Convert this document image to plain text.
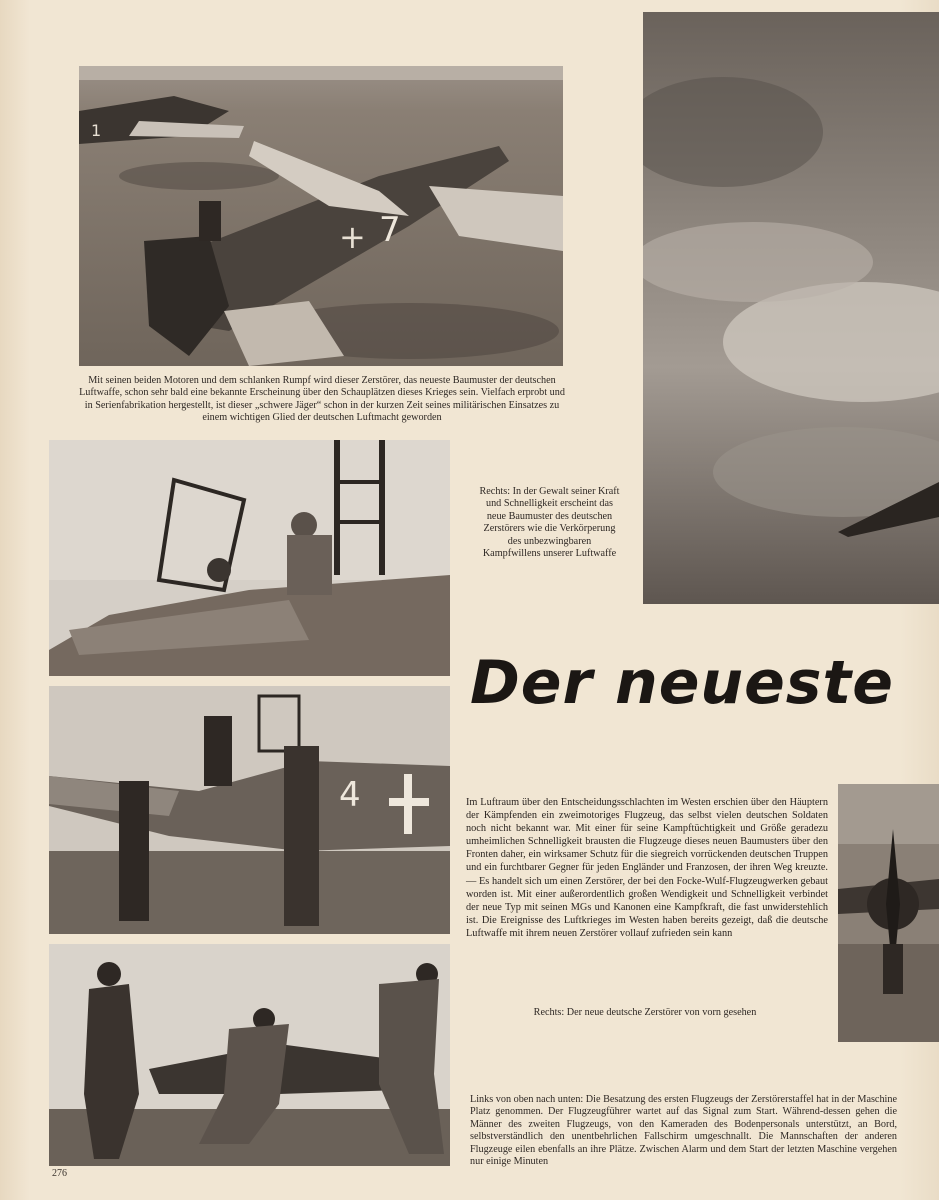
1
+ 7
Mit seinen beiden Motoren und dem schlanken Rumpf wird dieser Zerstörer, das neueste Baumuster der deutschen Luftwaffe, schon sehr bald eine bekannte Erscheinung über den Schauplätzen dieses Krieges sein. Vielfach erprobt und in Serienfabrikation hergestellt, ist dieser „schwere Jäger“ schon in der kurzen Zeit seines militärischen Einsatzes zu einem wichtigen Glied der deutschen Luftmacht geworden
Rechts: In der Gewalt seiner Kraft und Schnelligkeit erscheint das neue Baumuster des deutschen Zerstörers wie die Verkörperung des unbezwingbaren Kampfwillens unserer Luftwaffe
Der neueste
4	Im Luftraum über den Entscheidungsschlachten im Westen erschien über den Häuptern der Kämpfenden ein zweimotoriges Flugzeug, das selbst vielen deutschen Soldaten noch nicht bekannt war. Mit einer für seine Kampftüchtigkeit und Größe geradezu umheimlichen Schnelligkeit brausten die Flugzeuge dieses neuen Baumusters über den Fronten daher, ein wirksamer Schutz für die siegreich vorrückenden deutschen Truppen und ein furchtbarer Gegner für jeden Engländer und Franzosen, der ihren Weg kreuzte. — Es handelt sich um einen Zerstörer, der bei den Focke-Wulf-Flugzeugwerken gebaut worden ist. Mit einer außerordentlich großen Wendigkeit und Schnelligkeit verbindet der neue Typ mit seinen MGs und Kanonen eine Kampfkraft, die fast unwiderstehlich ist. Die Ereignisse des Luftkrieges im Westen haben bereits gezeigt, daß die deutsche Luftwaffe mit ihrem neuen Zerstörer vollauf zufrieden sein kann
Rechts: Der neue deutsche Zerstörer von vorn gesehen
Links von oben nach unten: Die Besatzung des ersten Flugzeugs der Zerstörerstaffel hat in der Maschine Platz genommen. Der Flugzeugführer wartet auf das Signal zum Start. Während-dessen gehen die Männer des zweiten Flugzeugs, von den Kameraden des Bodenpersonals unterstützt, an Bord, selbstverständlich den unentbehrlichen Fallschirm umgeschnallt. Die Mannschaften der anderen Flugzeuge eilen ebenfalls an ihre Plätze. Zwischen Alarm und dem Start der letzten Maschine vergehen nur einige Minuten
276
